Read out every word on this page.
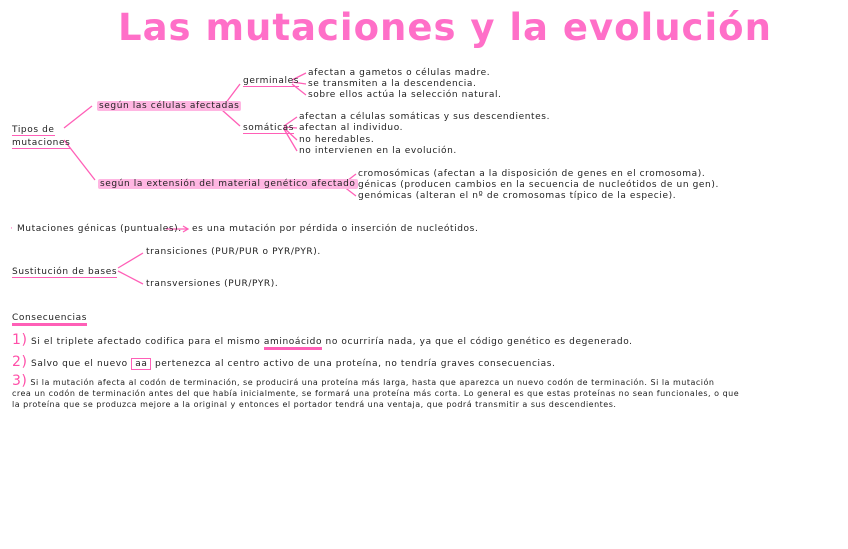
Las mutaciones y la evolución
Tipos de mutaciones
según las células afectadas
germinales
afectan a gametos o células madre.
se transmiten a la descendencia.
sobre ellos actúa la selección natural.
somáticas
afectan a células somáticas y sus descendientes.
afectan al individuo.
no heredables.
no intervienen en la evolución.
según la extensión del material genético afectado
cromosómicas (afectan a la disposición de genes en el cromosoma).
génicas (producen cambios en la secuencia de nucleótidos de un gen).
genómicas (alteran el nº de cromosomas típico de la especie).
· Mutaciones génicas (puntuales). es una mutación por pérdida o inserción de nucleótidos.
Sustitución de bases
transiciones (PUR/PUR o PYR/PYR).
transversiones (PUR/PYR).
Consecuencias
1) Si el triplete afectado codifica para el mismo aminoácido no ocurriría nada, ya que el código genético es degenerado.
2) Salvo que el nuevo aa pertenezca al centro activo de una proteína, no tendría graves consecuencias.
3) Si la mutación afecta al codón de terminación, se producirá una proteína más larga, hasta que aparezca un nuevo codón de terminación. Si la mutación
crea un codón de terminación antes del que había inicialmente, se formará una proteína más corta. Lo general es que estas proteínas no sean funcionales, o que
la proteína que se produzca mejore a la original y entonces el portador tendrá una ventaja, que podrá transmitir a sus descendientes.
